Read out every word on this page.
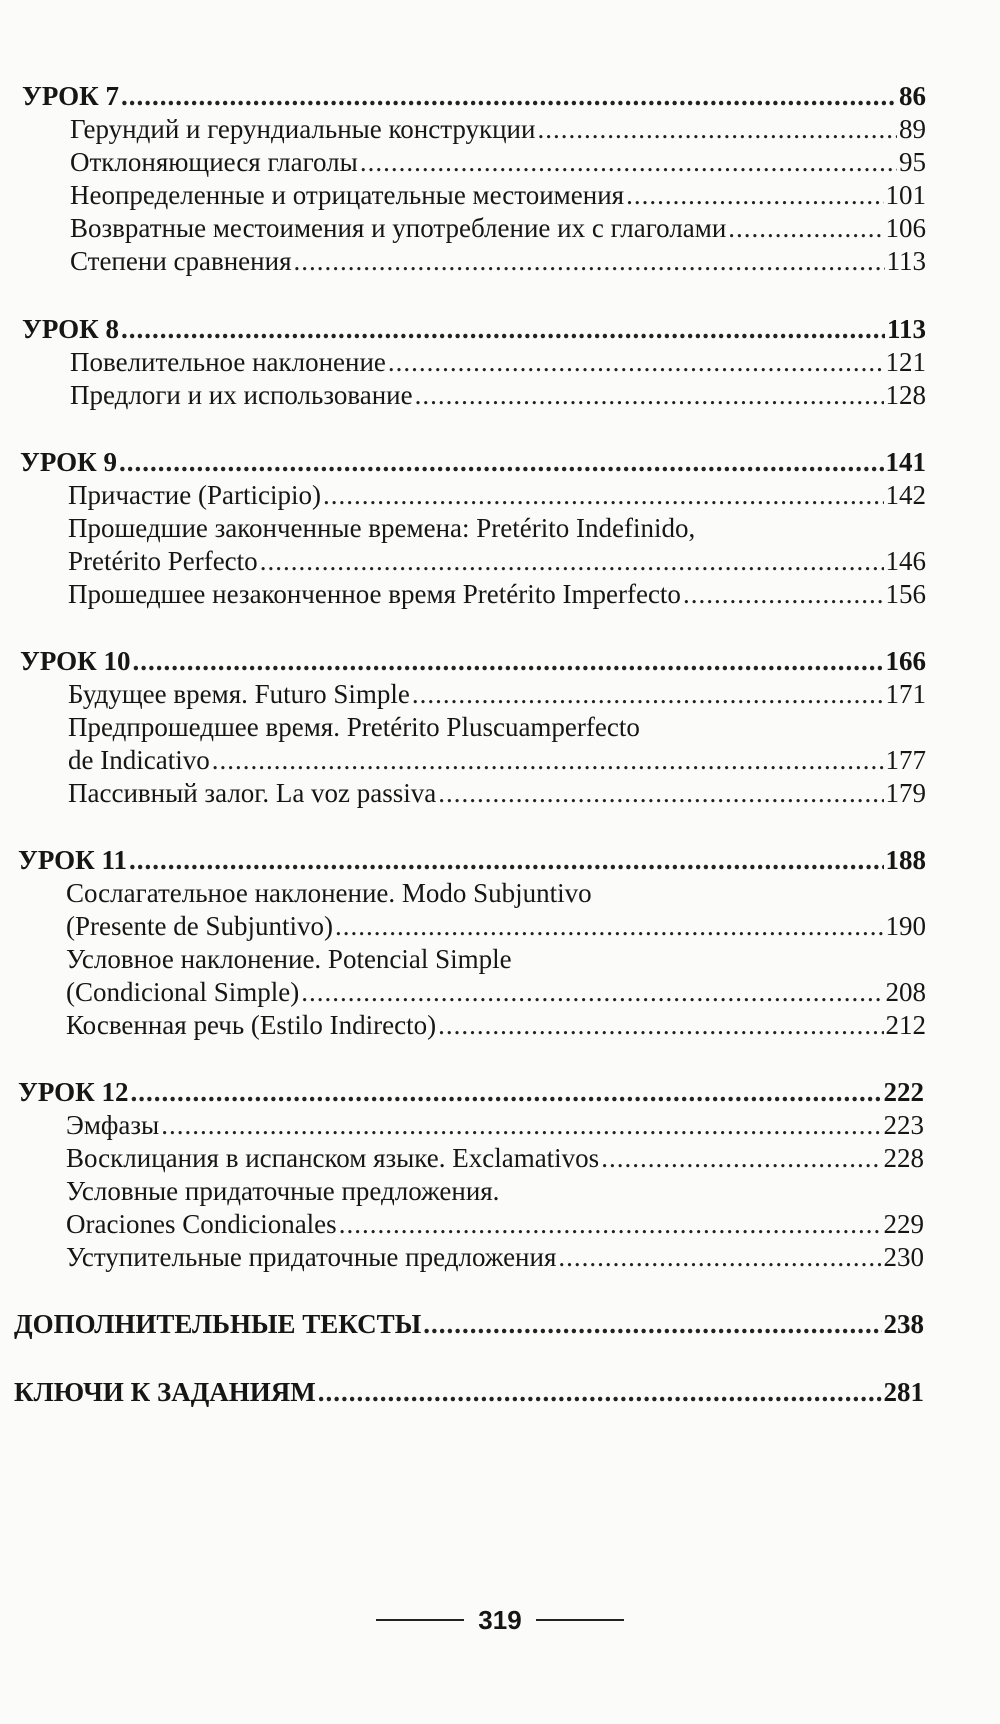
УРОК 7 .....	86
Герундий и герундиальные конструкции .....	89
Отклоняющиеся глаголы .....	95
Неопределенные и отрицательные местоимения .....	101
Возвратные местоимения и употребление их с глаголами .....	106
Степени сравнения .....	113
УРОК 8 .....	113
Повелительное наклонение .....	121
Предлоги и их использование .....	128
УРОК 9 .....	141
Причастие (Participio) .....	142
Прошедшие законченные времена: Pretérito Indefinido,
Pretérito Perfecto .....	146
Прошедшее незаконченное время Pretérito Imperfecto .....	156
УРОК 10 .....	166
Будущее время. Futuro Simple .....	171
Предпрошедшее время. Pretérito Pluscuamperfecto
de Indicativo .....	177
Пассивный залог. La voz passiva .....	179
УРОК 11 .....	188
Сослагательное наклонение. Modo Subjuntivo
(Presente de Subjuntivo) .....	190
Условное наклонение. Potencial Simple
(Condicional Simple) .....	208
Косвенная речь (Estilo Indirecto) .....	212
УРОК 12 .....	222
Эмфазы .....	223
Восклицания в испанском языке. Exclamativos .....	228
Условные придаточные предложения.
Oraciones Condicionales .....	229
Уступительные придаточные предложения .....	230
ДОПОЛНИТЕЛЬНЫЕ ТЕКСТЫ .....	238
КЛЮЧИ К ЗАДАНИЯМ .....	281
319
